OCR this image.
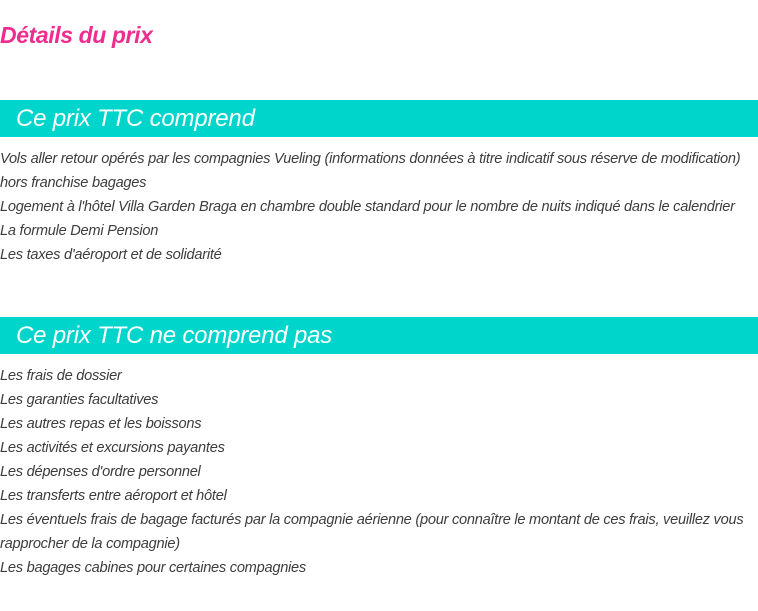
Détails du prix
Ce prix TTC comprend
Vols aller retour opérés par les compagnies Vueling (informations données à titre indicatif sous réserve de modification)
hors franchise bagages
Logement à l'hôtel Villa Garden Braga en chambre double standard pour le nombre de nuits indiqué dans le calendrier
La formule Demi Pension
Les taxes d'aéroport et de solidarité
Ce prix TTC ne comprend pas
Les frais de dossier
Les garanties facultatives
Les autres repas et les boissons
Les activités et excursions payantes
Les dépenses d'ordre personnel
Les transferts entre aéroport et hôtel
Les éventuels frais de bagage facturés par la compagnie aérienne (pour connaître le montant de ces frais, veuillez vous rapprocher de la compagnie)
Les bagages cabines pour certaines compagnies
